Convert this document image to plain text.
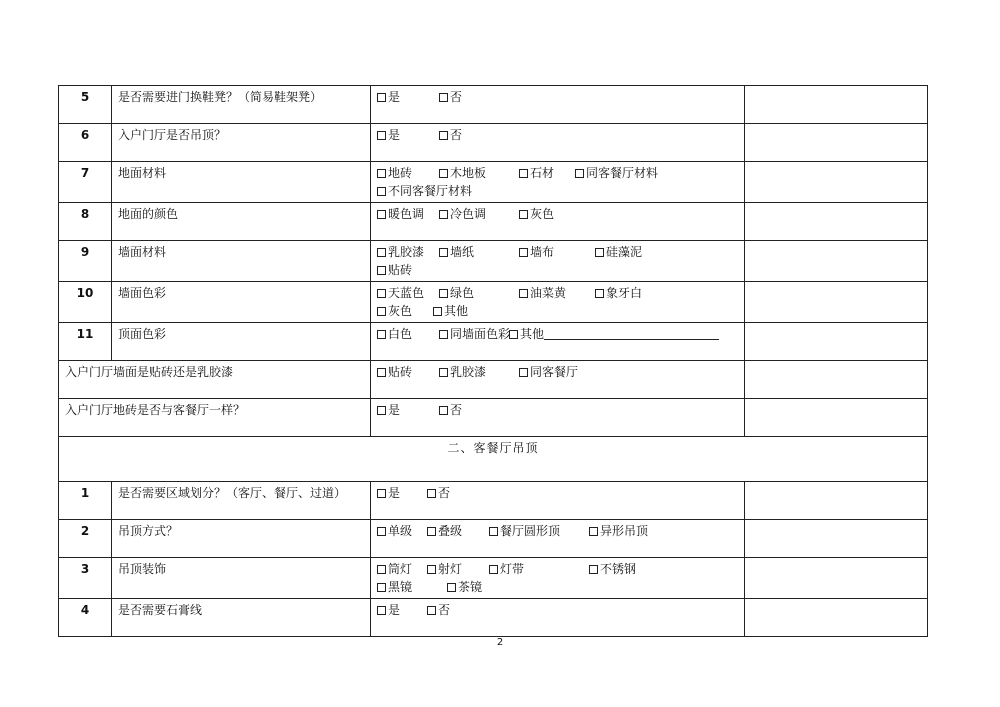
5	是否需要进门换鞋凳？（简易鞋架凳）	是 否	

6	入户门厅是否吊顶？	是 否	

7	地面材料	地砖 木地板 石材 同客餐厅材料不同客餐厅材料	

8	地面的颜色	暖色调 冷色调 灰色	

9	墙面材料	乳胶漆 墙纸 墙布 硅藻泥贴砖	

10	墙面色彩	天蓝色 绿色 油菜黄 象牙白灰色 其他	

11	顶面色彩	白色 同墙面色彩 其他	

入户门厅墙面是贴砖还是乳胶漆		贴砖 乳胶漆 同客餐厅	

入户门厅地砖是否与客餐厅一样？		是 否	

二、客餐厅吊顶			
1	是否需要区域划分？（客厅、餐厅、过道）	是 否	

2	吊顶方式？	单级 叠级 餐厅圆形顶 异形吊顶	

3	吊顶装饰	筒灯 射灯 灯带 不锈钢黑镜 茶镜	

4	是否需要石膏线	是 否	

2
